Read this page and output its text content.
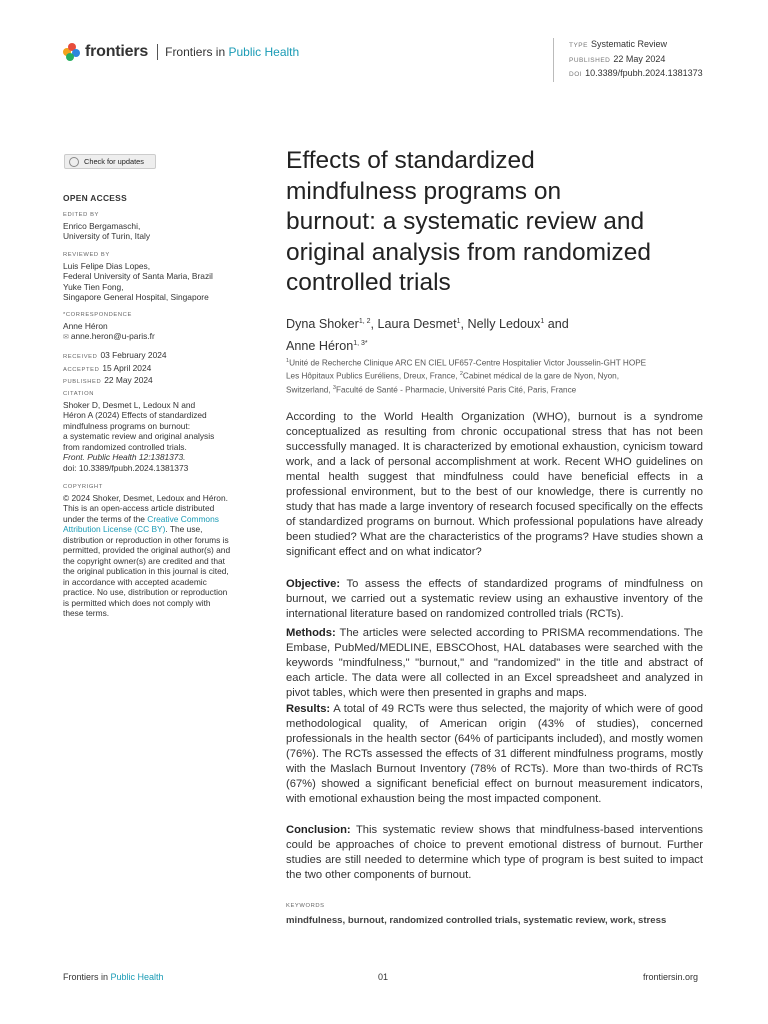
frontiers Frontiers in Public Health	TYPE Systematic Review
PUBLISHED 22 May 2024
DOI 10.3389/fpubh.2024.1381373
Check for updates
OPEN ACCESS
EDITED BY
Enrico Bergamaschi,
University of Turin, Italy
REVIEWED BY
Luis Felipe Dias Lopes,
Federal University of Santa Maria, Brazil
Yuke Tien Fong,
Singapore General Hospital, Singapore
*CORRESPONDENCE
Anne Héron
✉ anne.heron@u-paris.fr
RECEIVED 03 February 2024
ACCEPTED 15 April 2024
PUBLISHED 22 May 2024
CITATION
Shoker D, Desmet L, Ledoux N and
Héron A (2024) Effects of standardized
mindfulness programs on burnout:
a systematic review and original analysis
from randomized controlled trials.
Front. Public Health 12:1381373.
doi: 10.3389/fpubh.2024.1381373
COPYRIGHT
© 2024 Shoker, Desmet, Ledoux and Héron.
This is an open-access article distributed
under the terms of the Creative Commons
Attribution License (CC BY). The use,
distribution or reproduction in other forums is
permitted, provided the original author(s) and
the copyright owner(s) are credited and that
the original publication in this journal is cited,
in accordance with accepted academic
practice. No use, distribution or reproduction
is permitted which does not comply with
these terms.
Effects of standardized
mindfulness programs on
burnout: a systematic review and
original analysis from randomized
controlled trials
Dyna Shoker$^{1, 2}$, Laura Desmet$^1$, Nelly Ledoux$^1$ and
Anne Héron$^{1, 3*}$
$^1$Unité de Recherche Clinique ARC EN CIEL UF657-Centre Hospitalier Victor Jousselin-GHT HOPE
Les Hôpitaux Publics Euréliens, Dreux, France, $^2$Cabinet médical de la gare de Nyon, Nyon,
Switzerland, $^3$Faculté de Santé - Pharmacie, Université Paris Cité, Paris, France
According to the World Health Organization (WHO), burnout is a syndrome conceptualized as resulting from chronic occupational stress that has not been successfully managed. It is characterized by emotional exhaustion, cynicism toward work, and a lack of personal accomplishment at work. Recent WHO guidelines on mental health suggest that mindfulness could have beneficial effects in a professional environment, but to the best of our knowledge, there is currently no study that has made a large inventory of research focused specifically on the effects of standardized programs on burnout. Which professional populations have already been studied? What are the characteristics of the programs? Have studies shown a significant effect and on what indicator?
Objective: To assess the effects of standardized programs of mindfulness on burnout, we carried out a systematic review using an exhaustive inventory of the international literature based on randomized controlled trials (RCTs).
Methods: The articles were selected according to PRISMA recommendations. The Embase, PubMed/MEDLINE, EBSCOhost, HAL databases were searched with the keywords "mindfulness," "burnout," and "randomized" in the title and abstract of each article. The data were all collected in an Excel spreadsheet and analyzed in pivot tables, which were then presented in graphs and maps.
Results: A total of 49 RCTs were thus selected, the majority of which were of good methodological quality, of American origin (43% of studies), concerned professionals in the health sector (64% of participants included), and mostly women (76%). The RCTs assessed the effects of 31 different mindfulness programs, mostly with the Maslach Burnout Inventory (78% of RCTs). More than two-thirds of RCTs (67%) showed a significant beneficial effect on burnout measurement indicators, with emotional exhaustion being the most impacted component.
Conclusion: This systematic review shows that mindfulness-based interventions could be approaches of choice to prevent emotional distress of burnout. Further studies are still needed to determine which type of program is best suited to impact the two other components of burnout.
KEYWORDS
mindfulness, burnout, randomized controlled trials, systematic review, work, stress
Frontiers in Public Health	01	frontiersin.org
